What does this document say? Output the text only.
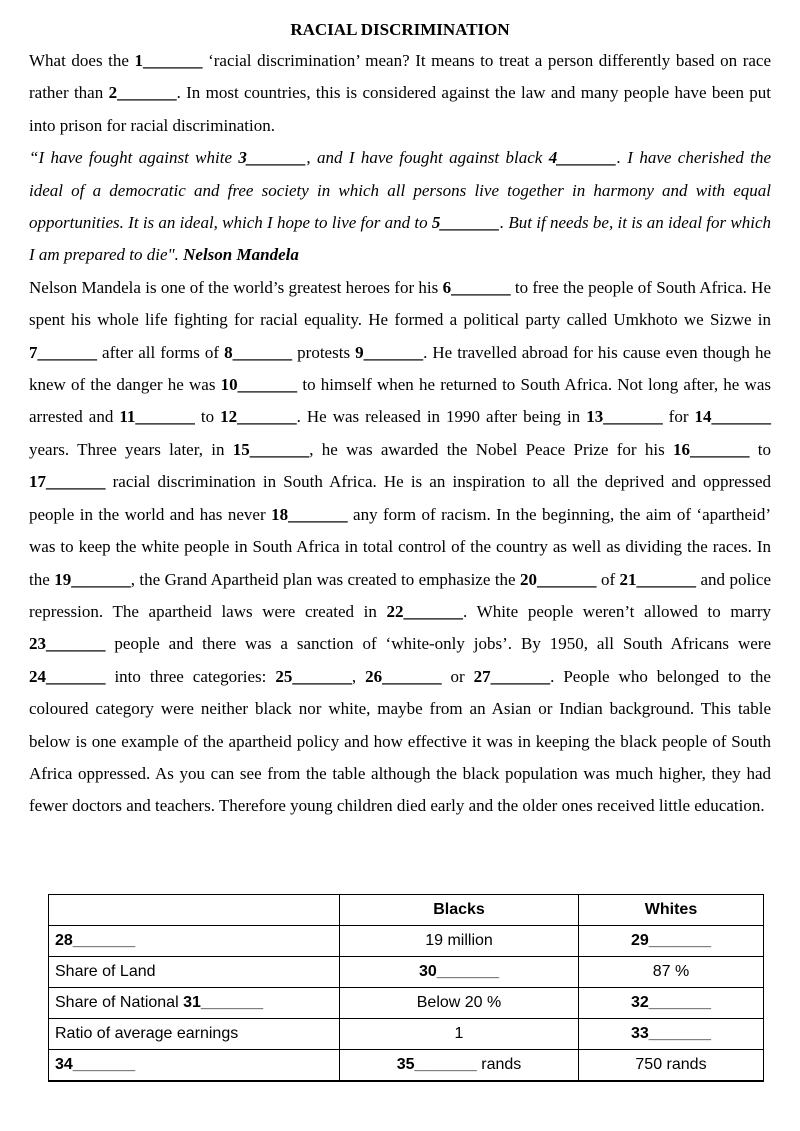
RACIAL DISCRIMINATION

What does the 1_______ ‘racial discrimination’ mean? It means to treat a person differently based on race rather than 2_______. In most countries, this is considered against the law and many people have been put into prison for racial discrimination.

“I have fought against white 3_______, and I have fought against black 4_______. I have cherished the ideal of a democratic and free society in which all persons live together in harmony and with equal opportunities. It is an ideal, which I hope to live for and to 5_______. But if needs be, it is an ideal for which I am prepared to die". Nelson Mandela

Nelson Mandela is one of the world’s greatest heroes for his 6_______ to free the people of South Africa. He spent his whole life fighting for racial equality. He formed a political party called Umkhoto we Sizwe in 7_______ after all forms of 8_______ protests 9_______. He travelled abroad for his cause even though he knew of the danger he was 10_______ to himself when he returned to South Africa. Not long after, he was arrested and 11_______ to 12_______. He was released in 1990 after being in 13_______ for 14_______ years. Three years later, in 15_______, he was awarded the Nobel Peace Prize for his 16_______ to 17_______ racial discrimination in South Africa. He is an inspiration to all the deprived and oppressed people in the world and has never 18_______ any form of racism. In the beginning, the aim of ‘apartheid’ was to keep the white people in South Africa in total control of the country as well as dividing the races. In the 19_______, the Grand Apartheid plan was created to emphasize the 20_______ of 21_______ and police repression. The apartheid laws were created in 22_______. White people weren’t allowed to marry 23_______ people and there was a sanction of ‘white-only jobs’. By 1950, all South Africans were 24_______ into three categories: 25_______, 26_______ or 27_______. People who belonged to the coloured category were neither black nor white, maybe from an Asian or Indian background. This table below is one example of the apartheid policy and how effective it was in keeping the black people of South Africa oppressed. As you can see from the table although the black population was much higher, they had fewer doctors and teachers. Therefore young children died early and the older ones received little education.

	Blacks	Whites
28_______	19 million	29_______
Share of Land	30_______	87 %
Share of National 31_______	Below 20 %	32_______
Ratio of average earnings	1	33_______
34_______	35_______ rands	750 rands
